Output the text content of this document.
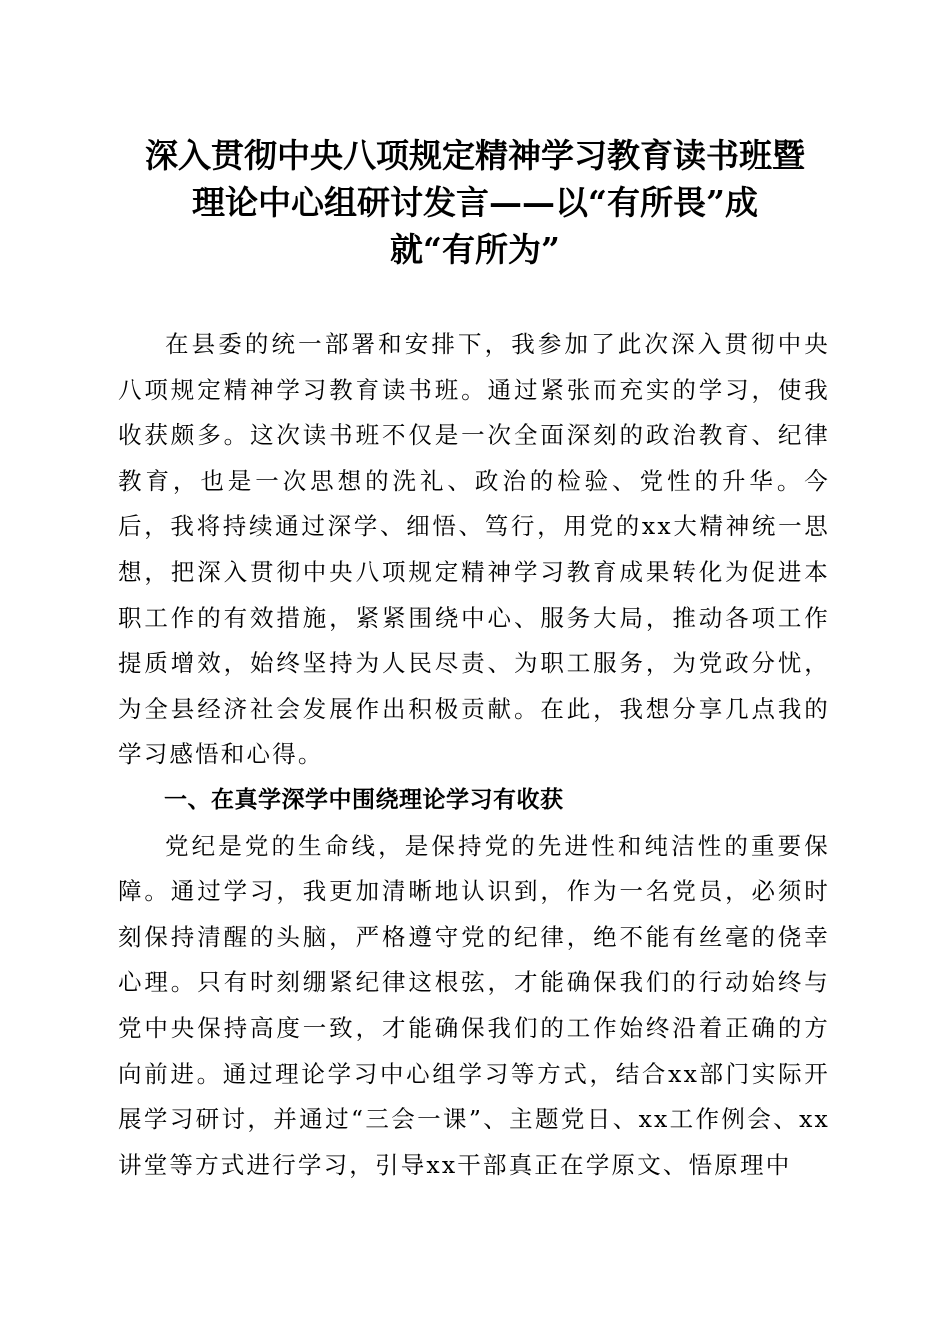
深入贯彻中央八项规定精神学习教育读书班暨
理论中心组研讨发言——以“有所畏”成
就“有所为”

在县委的统一部署和安排下，我参加了此次深入贯彻中央八项规定精神学习教育读书班。通过紧张而充实的学习，使我收获颇多。这次读书班不仅是一次全面深刻的政治教育、纪律教育，也是一次思想的洗礼、政治的检验、党性的升华。今后，我将持续通过深学、细悟、笃行，用党的xx大精神统一思想，把深入贯彻中央八项规定精神学习教育成果转化为促进本职工作的有效措施，紧紧围绕中心、服务大局，推动各项工作提质增效，始终坚持为人民尽责、为职工服务，为党政分忧，为全县经济社会发展作出积极贡献。在此，我想分享几点我的学习感悟和心得。

一、在真学深学中围绕理论学习有收获

党纪是党的生命线，是保持党的先进性和纯洁性的重要保障。通过学习，我更加清晰地认识到，作为一名党员，必须时刻保持清醒的头脑，严格遵守党的纪律，绝不能有丝毫的侥幸心理。只有时刻绷紧纪律这根弦，才能确保我们的行动始终与党中央保持高度一致，才能确保我们的工作始终沿着正确的方向前进。通过理论学习中心组学习等方式，结合xx部门实际开展学习研讨，并通过“三会一课”、主题党日、xx工作例会、xx讲堂等方式进行学习，引导xx干部真正在学原文、悟原理中
